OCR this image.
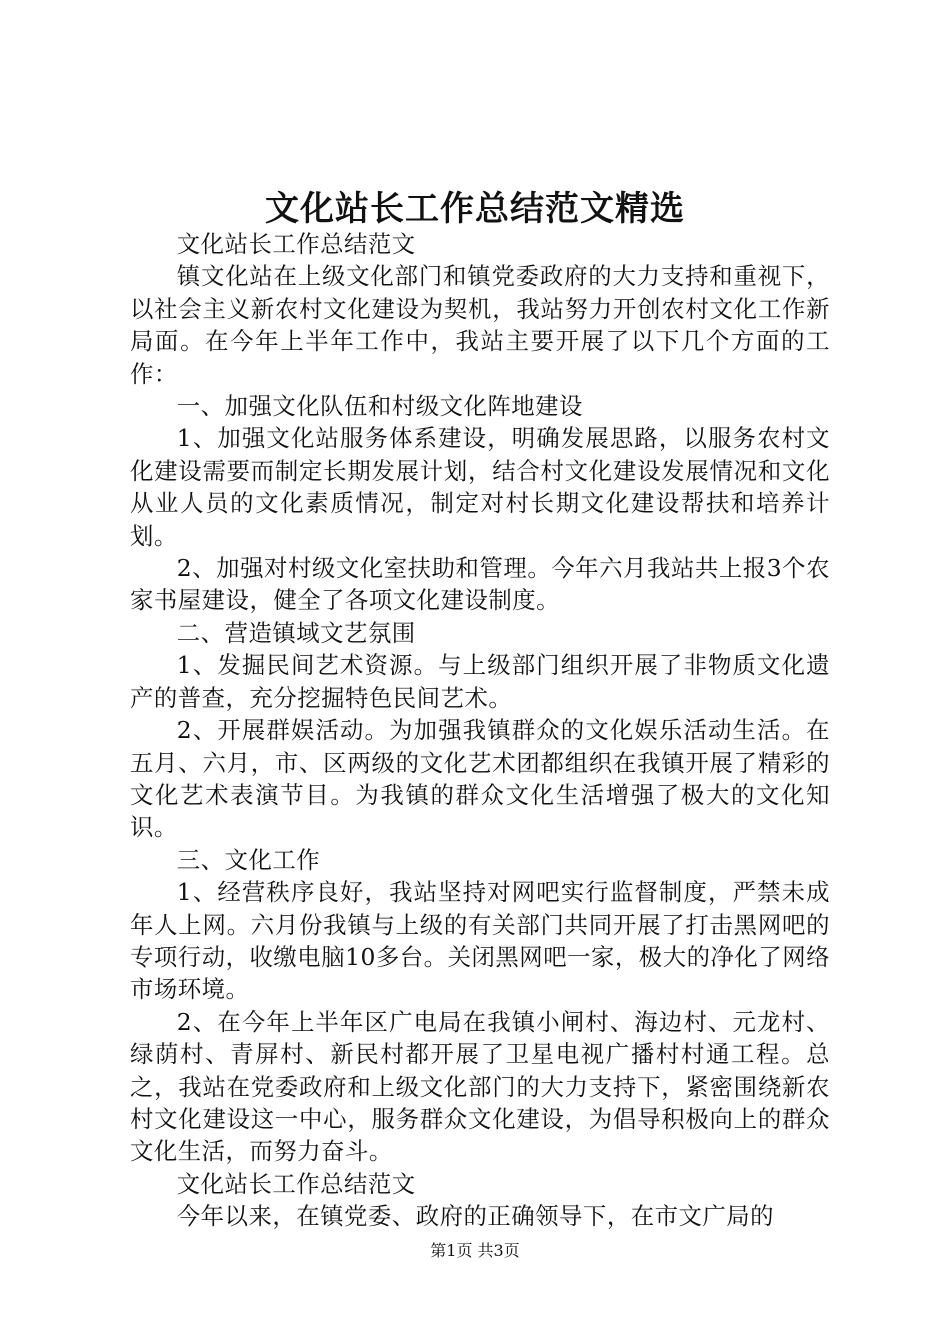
文化站长工作总结范文精选

文化站长工作总结范文

镇文化站在上级文化部门和镇党委政府的大力支持和重视下，以社会主义新农村文化建设为契机，我站努力开创农村文化工作新局面。在今年上半年工作中，我站主要开展了以下几个方面的工作：

一、加强文化队伍和村级文化阵地建设

1、加强文化站服务体系建设，明确发展思路，以服务农村文化建设需要而制定长期发展计划，结合村文化建设发展情况和文化从业人员的文化素质情况，制定对村长期文化建设帮扶和培养计划。

2、加强对村级文化室扶助和管理。今年六月我站共上报3个农家书屋建设，健全了各项文化建设制度。

二、营造镇域文艺氛围

1、发掘民间艺术资源。与上级部门组织开展了非物质文化遗产的普查，充分挖掘特色民间艺术。

2、开展群娱活动。为加强我镇群众的文化娱乐活动生活。在五月、六月，市、区两级的文化艺术团都组织在我镇开展了精彩的文化艺术表演节目。为我镇的群众文化生活增强了极大的文化知识。

三、文化工作

1、经营秩序良好，我站坚持对网吧实行监督制度，严禁未成年人上网。六月份我镇与上级的有关部门共同开展了打击黑网吧的专项行动，收缴电脑10多台。关闭黑网吧一家，极大的净化了网络市场环境。

2、在今年上半年区广电局在我镇小闸村、海边村、元龙村、绿荫村、青屏村、新民村都开展了卫星电视广播村村通工程。总之，我站在党委政府和上级文化部门的大力支持下，紧密围绕新农村文化建设这一中心，服务群众文化建设，为倡导积极向上的群众文化生活，而努力奋斗。

文化站长工作总结范文

今年以来，在镇党委、政府的正确领导下，在市文广局的

第1页 共3页
